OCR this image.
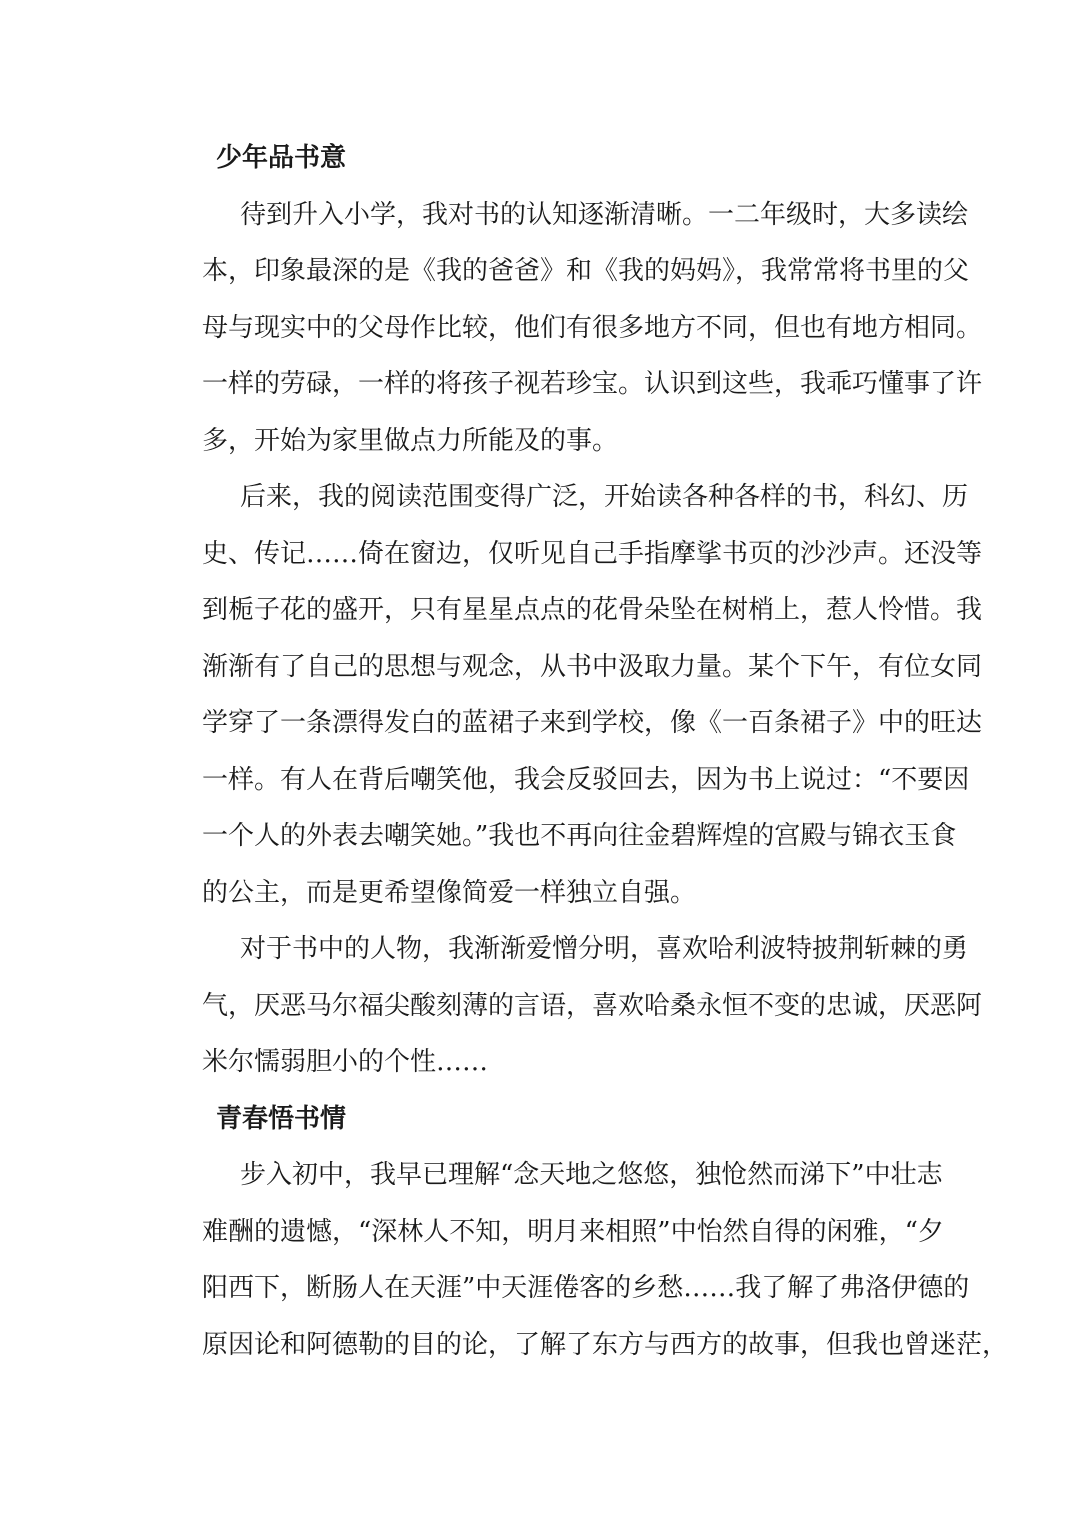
少年品书意
待到升入小学，我对书的认知逐渐清晰。一二年级时，大多读绘
本，印象最深的是《我的爸爸》和《我的妈妈》，我常常将书里的父
母与现实中的父母作比较，他们有很多地方不同，但也有地方相同。
一样的劳碌，一样的将孩子视若珍宝。认识到这些，我乖巧懂事了许
多，开始为家里做点力所能及的事。
后来，我的阅读范围变得广泛，开始读各种各样的书，科幻、历
史、传记……倚在窗边，仅听见自己手指摩挲书页的沙沙声。还没等
到栀子花的盛开，只有星星点点的花骨朵坠在树梢上，惹人怜惜。我
渐渐有了自己的思想与观念，从书中汲取力量。某个下午，有位女同
学穿了一条漂得发白的蓝裙子来到学校，像《一百条裙子》中的旺达
一样。有人在背后嘲笑他，我会反驳回去，因为书上说过：“不要因
一个人的外表去嘲笑她。”我也不再向往金碧辉煌的宫殿与锦衣玉食
的公主，而是更希望像简爱一样独立自强。
对于书中的人物，我渐渐爱憎分明，喜欢哈利波特披荆斩棘的勇
气，厌恶马尔福尖酸刻薄的言语，喜欢哈桑永恒不变的忠诚，厌恶阿
米尔懦弱胆小的个性……
青春悟书情
步入初中，我早已理解“念天地之悠悠，独怆然而涕下”中壮志
难酬的遗憾，“深林人不知，明月来相照”中怡然自得的闲雅，“夕
阳西下，断肠人在天涯”中天涯倦客的乡愁……我了解了弗洛伊德的
原因论和阿德勒的目的论，了解了东方与西方的故事，但我也曾迷茫，
